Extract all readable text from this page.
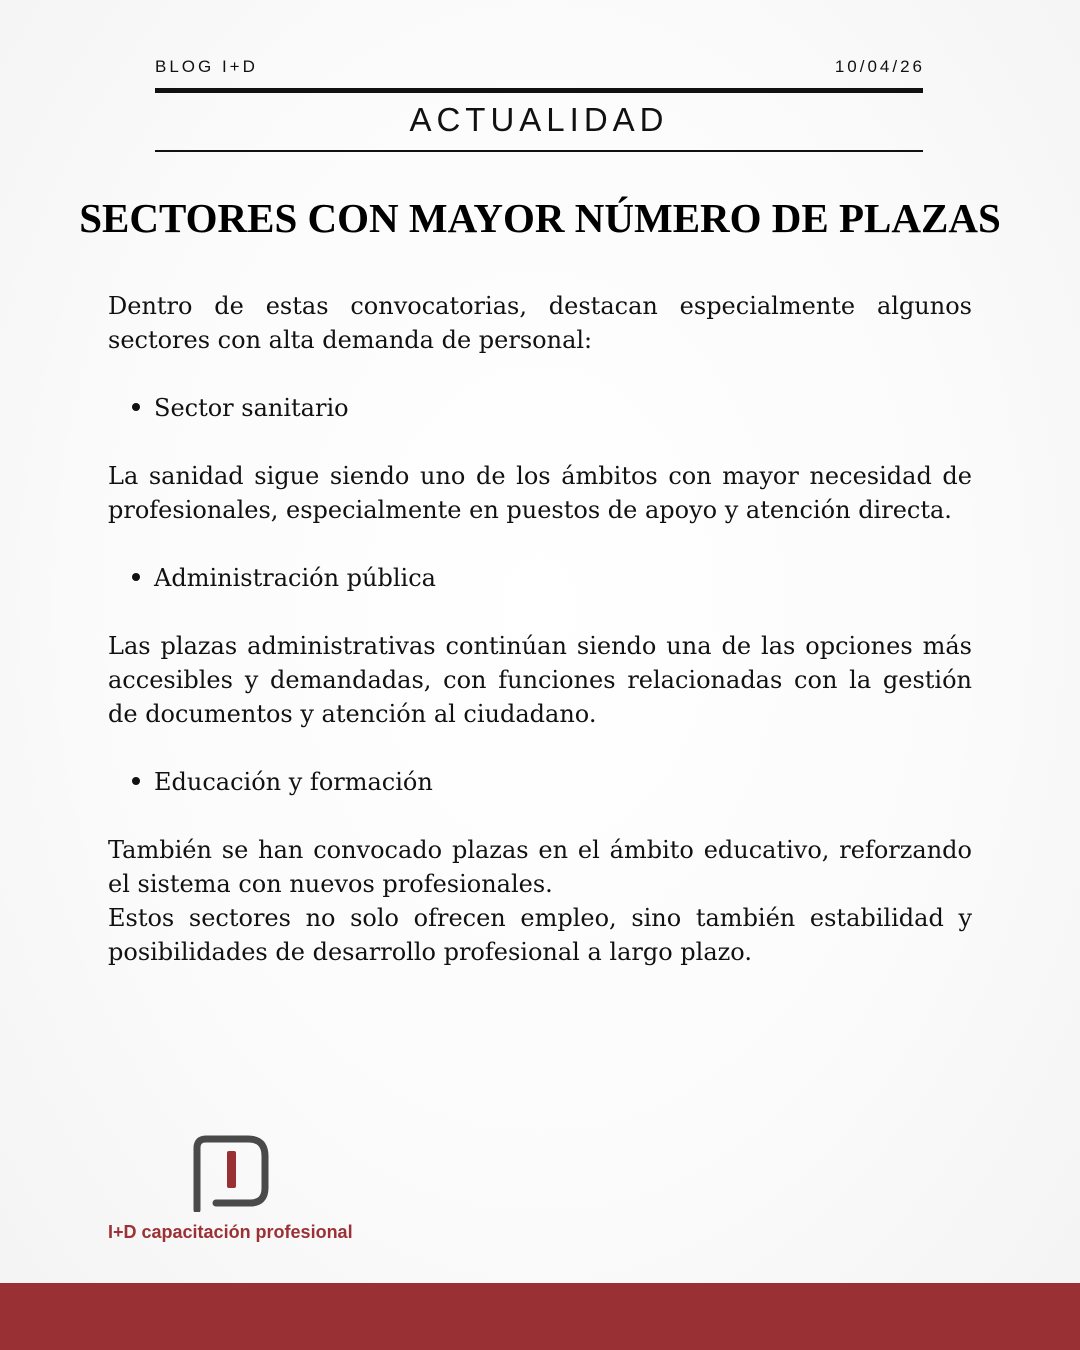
BLOG I+D	10/04/26
ACTUALIDAD
SECTORES CON MAYOR NÚMERO DE PLAZAS

Dentro de estas convocatorias, destacan especialmente algunos sectores con alta demanda de personal:

Sector sanitario

La sanidad sigue siendo uno de los ámbitos con mayor necesidad de profesionales, especialmente en puestos de apoyo y atención directa.

Administración pública

Las plazas administrativas continúan siendo una de las opciones más accesibles y demandadas, con funciones relacionadas con la gestión de documentos y atención al ciudadano.

Educación y formación

También se han convocado plazas en el ámbito educativo, reforzando el sistema con nuevos profesionales.

Estos sectores no solo ofrecen empleo, sino también estabilidad y posibilidades de desarrollo profesional a largo plazo.

I+D capacitación profesional
